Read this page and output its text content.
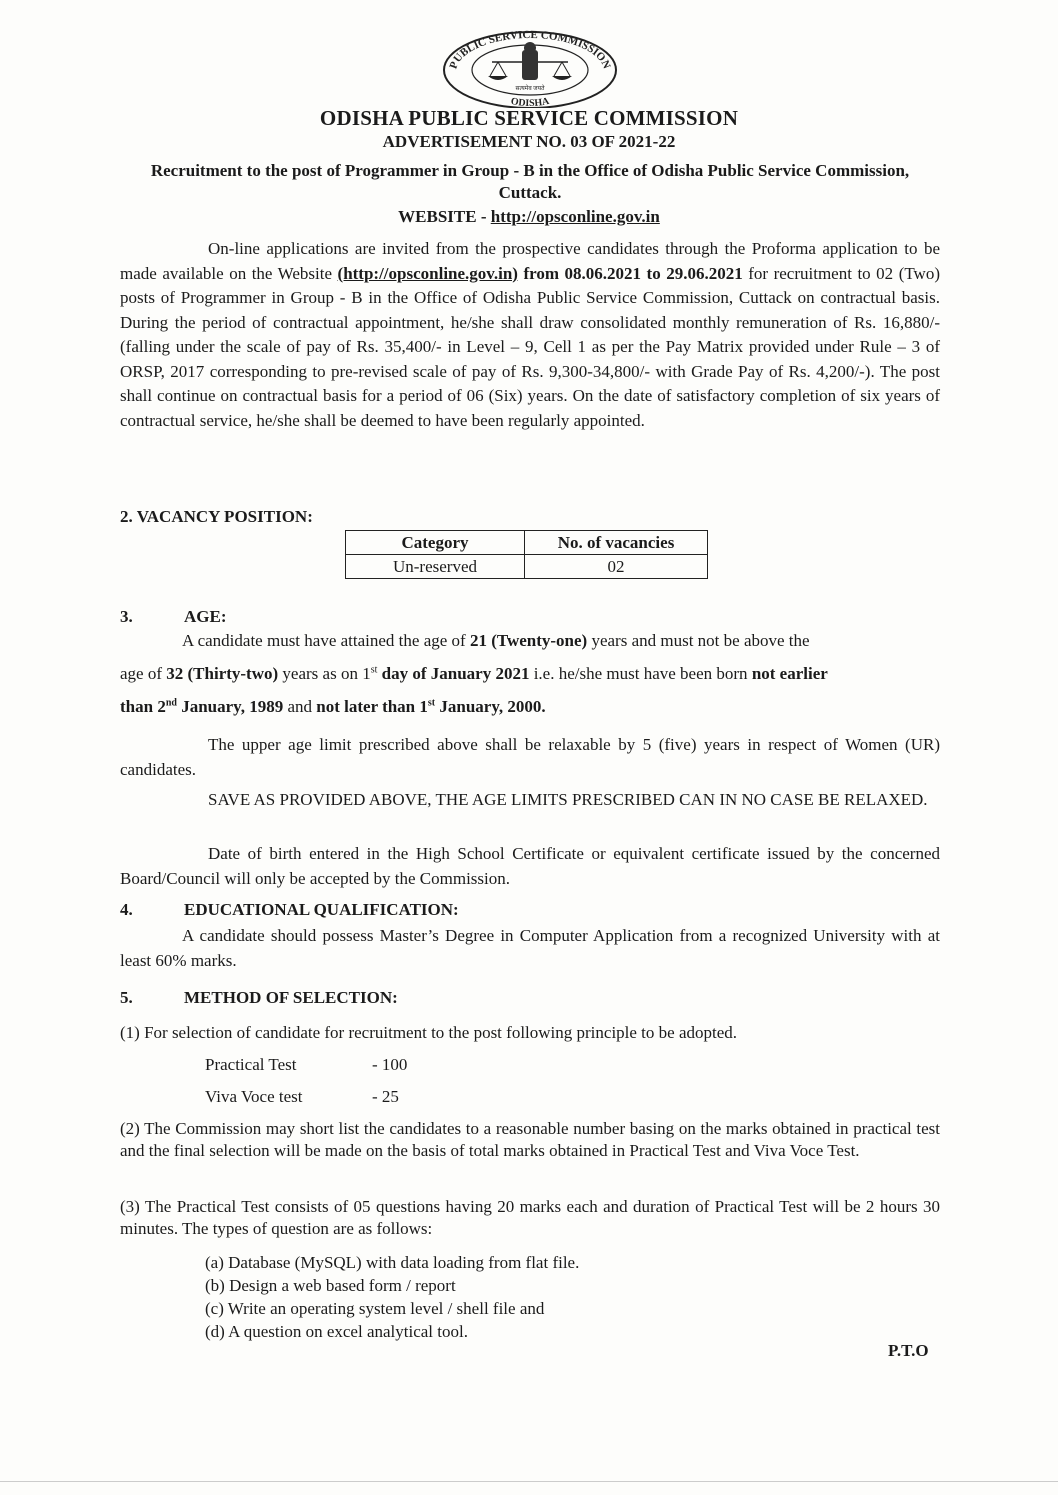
PUBLIC SERVICE COMMISSION
ODISHA
सत्यमेव जयते
ODISHA PUBLIC SERVICE COMMISSION
ADVERTISEMENT NO. 03 OF 2021-22
Recruitment to the post of Programmer in Group - B in the Office of Odisha Public Service Commission, Cuttack.
WEBSITE - http://opsconline.gov.in
On-line applications are invited from the prospective candidates through the Proforma application to be made available on the Website (http://opsconline.gov.in) from 08.06.2021 to 29.06.2021 for recruitment to 02 (Two) posts of Programmer in Group - B in the Office of Odisha Public Service Commission, Cuttack on contractual basis. During the period of contractual appointment, he/she shall draw consolidated monthly remuneration of Rs. 16,880/- (falling under the scale of pay of Rs. 35,400/- in Level – 9, Cell 1 as per the Pay Matrix provided under Rule – 3 of ORSP, 2017 corresponding to pre-revised scale of pay of Rs. 9,300-34,800/- with Grade Pay of Rs. 4,200/-). The post shall continue on contractual basis for a period of 06 (Six) years. On the date of satisfactory completion of six years of contractual service, he/she shall be deemed to have been regularly appointed.
2. VACANCY POSITION:
Category	No. of vacancies
Un-reserved	02
3.	AGE:
A candidate must have attained the age of 21 (Twenty-one) years and must not be above the
age of 32 (Thirty-two) years as on 1st day of January 2021 i.e. he/she must have been born not earlier
than 2nd January, 1989 and not later than 1st January, 2000.
The upper age limit prescribed above shall be relaxable by 5 (five) years in respect of Women (UR) candidates.
SAVE AS PROVIDED ABOVE, THE AGE LIMITS PRESCRIBED CAN IN NO CASE BE RELAXED.
Date of birth entered in the High School Certificate or equivalent certificate issued by the concerned Board/Council will only be accepted by the Commission.
4.	EDUCATIONAL QUALIFICATION:
A candidate should possess Master’s Degree in Computer Application from a recognized University with at least 60% marks.
5.	METHOD OF SELECTION:
(1) For selection of candidate for recruitment to the post following principle to be adopted.
Practical Test	- 100
Viva Voce test	- 25
(2) The Commission may short list the candidates to a reasonable number basing on the marks obtained in practical test and the final selection will be made on the basis of total marks obtained in Practical Test and Viva Voce Test.
(3) The Practical Test consists of 05 questions having 20 marks each and duration of Practical Test will be 2 hours 30 minutes. The types of question are as follows:
(a) Database (MySQL) with data loading from flat file.
(b) Design a web based form / report
(c) Write an operating system level / shell file and
(d) A question on excel analytical tool.
P.T.O
